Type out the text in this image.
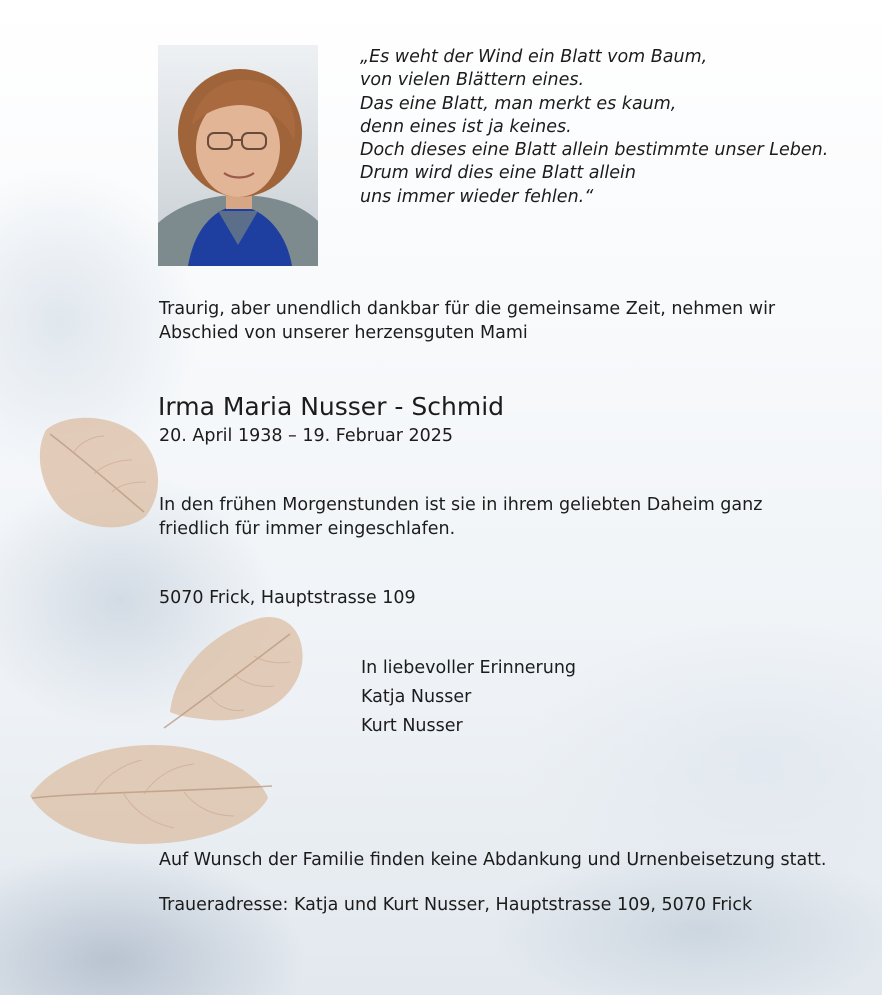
„Es weht der Wind ein Blatt vom Baum,
von vielen Blättern eines.
Das eine Blatt, man merkt es kaum,
denn eines ist ja keines.
Doch dieses eine Blatt allein bestimmte unser Leben.
Drum wird dies eine Blatt allein
uns immer wieder fehlen.“

Traurig, aber unendlich dankbar für die gemeinsame Zeit, nehmen wir
Abschied von unserer herzensguten Mami

Irma Maria Nusser - Schmid

20. April 1938 – 19. Februar 2025

In den frühen Morgenstunden ist sie in ihrem geliebten Daheim ganz
friedlich für immer eingeschlafen.

5070 Frick, Hauptstrasse 109

In liebevoller Erinnerung
Katja Nusser
Kurt Nusser

Auf Wunsch der Familie finden keine Abdankung und Urnenbeisetzung statt.

Traueradresse: Katja und Kurt Nusser, Hauptstrasse 109, 5070 Frick
